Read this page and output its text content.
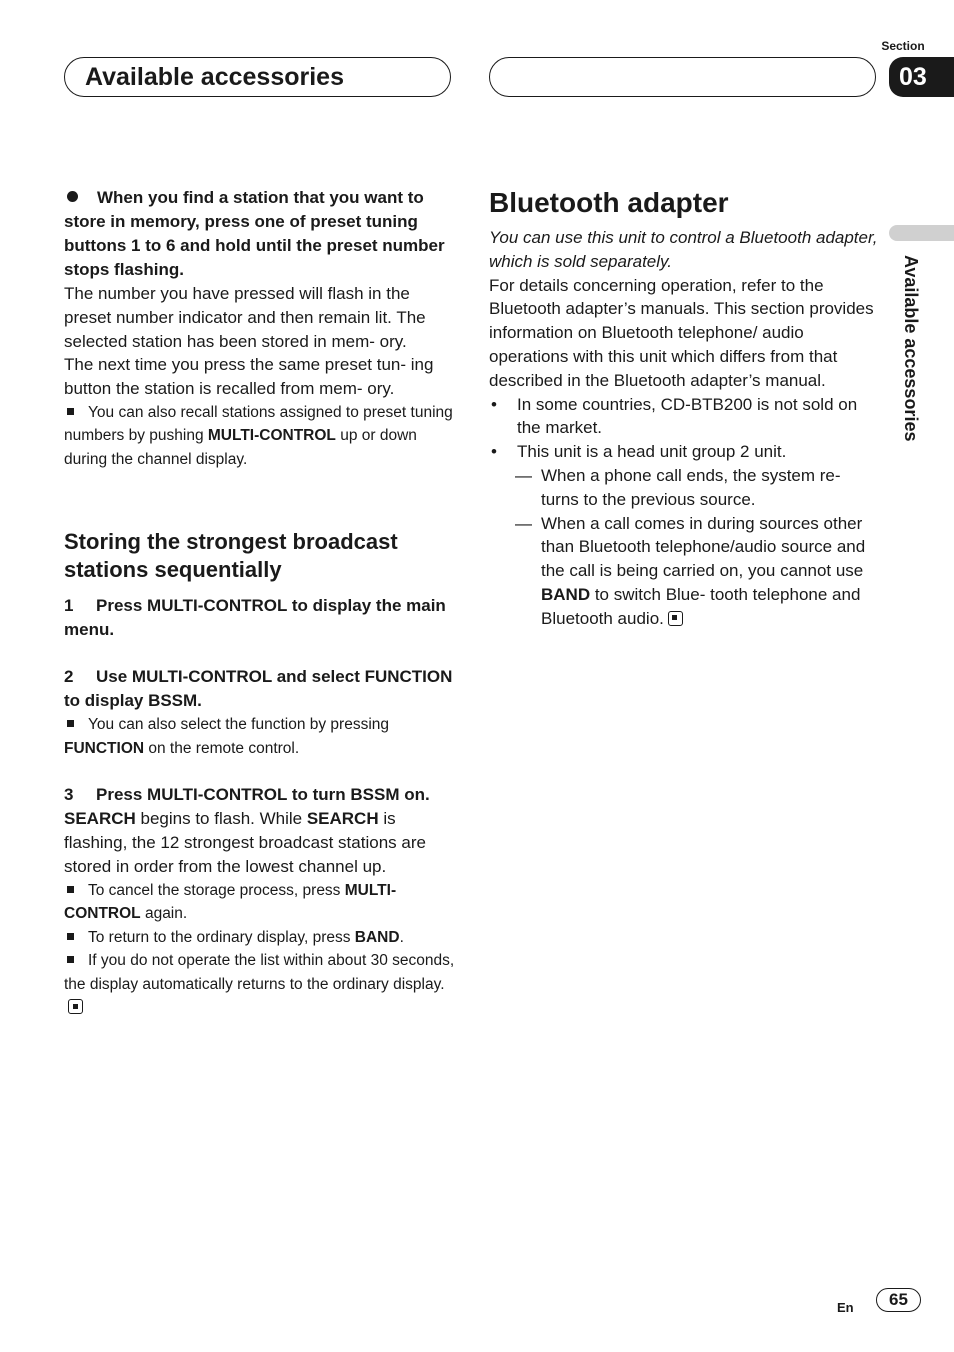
Available accessories
Section
03
Available accessories

When you find a station that you want to store in memory, press one of preset tuning buttons 1 to 6 and hold until the preset number stops flashing.

The number you have pressed will flash in the preset number indicator and then remain lit. The selected station has been stored in mem- ory.

The next time you press the same preset tun- ing button the station is recalled from mem- ory.

You can also recall stations assigned to preset tuning numbers by pushing MULTI-CONTROL up or down during the channel display.

Storing the strongest broadcast stations sequentially

1 Press MULTI-CONTROL to display the main menu.

2 Use MULTI-CONTROL and select FUNCTION to display BSSM.

You can also select the function by pressing FUNCTION on the remote control.

3 Press MULTI-CONTROL to turn BSSM on.

SEARCH begins to flash. While SEARCH is flashing, the 12 strongest broadcast stations are stored in order from the lowest channel up.

To cancel the storage process, press MULTI-CONTROL again.

To return to the ordinary display, press BAND.

If you do not operate the list within about 30 seconds, the display automatically returns to the ordinary display.

Bluetooth adapter

You can use this unit to control a Bluetooth adapter, which is sold separately.

For details concerning operation, refer to the Bluetooth adapter’s manuals. This section provides information on Bluetooth telephone/ audio operations with this unit which differs from that described in the Bluetooth adapter’s manual.

•	In some countries, CD-BTB200 is not sold on the market.
•	This unit is a head unit group 2 unit.
— When a phone call ends, the system re- turns to the previous source.
— When a call comes in during sources other than Bluetooth telephone/audio source and the call is being carried on, you cannot use BAND to switch Blue- tooth telephone and Bluetooth audio.
En	65
